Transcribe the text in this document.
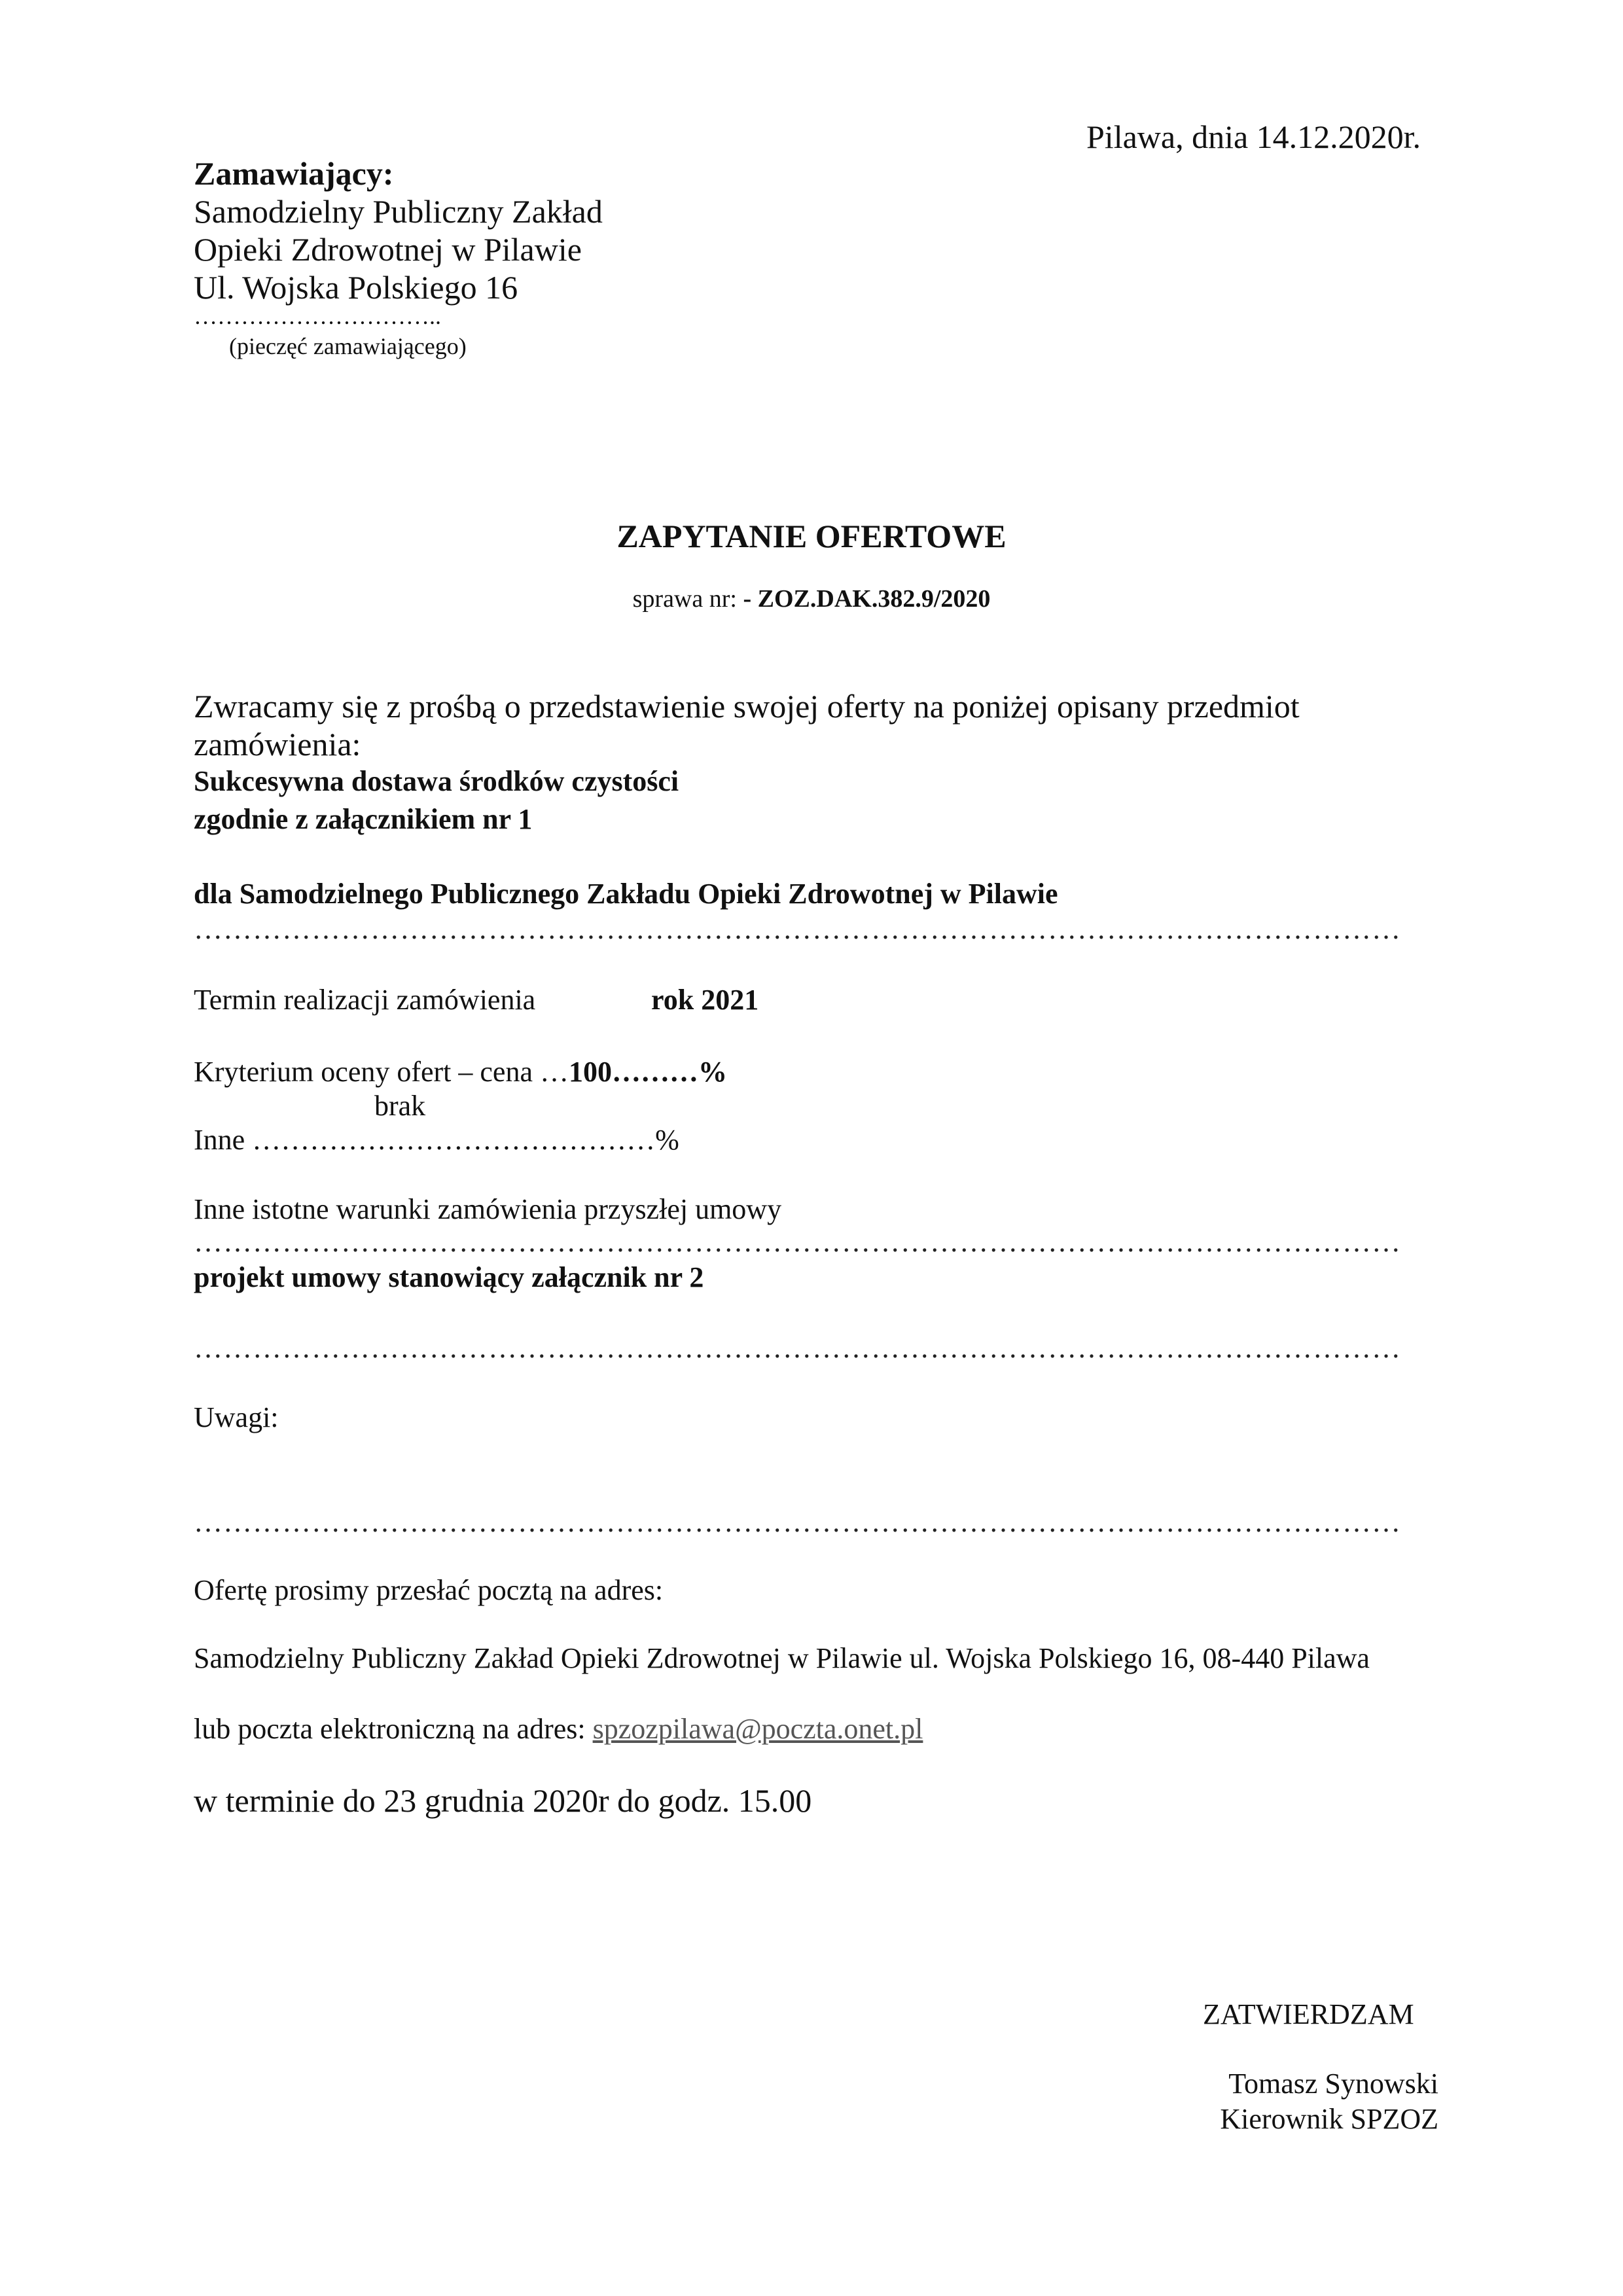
Pilawa, dnia 14.12.2020r.
Zamawiający:
Samodzielny Publiczny Zakład
Opieki Zdrowotnej w Pilawie
Ul. Wojska Polskiego 16
…………………………..
(pieczęć zamawiającego)
ZAPYTANIE OFERTOWE
sprawa nr: - ZOZ.DAK.382.9/2020
Zwracamy się z prośbą o przedstawienie swojej oferty na poniżej opisany przedmiot
zamówienia:
Sukcesywna dostawa środków czystości
zgodnie z załącznikiem nr 1
dla Samodzielnego Publicznego Zakładu Opieki Zdrowotnej w Pilawie
……………………………………………………………………………………………………………
Termin realizacji zamówienia	rok 2021
Kryterium oceny ofert – cena …100………%
brak
Inne ……………………………………%
Inne istotne warunki zamówienia przyszłej umowy
……………………………………………………………………………………………………………
projekt umowy stanowiący załącznik nr 2
……………………………………………………………………………………………………………
Uwagi:
……………………………………………………………………………………………………………
Ofertę prosimy przesłać pocztą na adres:
Samodzielny Publiczny Zakład Opieki Zdrowotnej w Pilawie ul. Wojska Polskiego 16, 08-440 Pilawa
lub poczta elektroniczną na adres: spzozpilawa@poczta.onet.pl
w terminie do 23 grudnia 2020r do godz. 15.00
ZATWIERDZAM
Tomasz Synowski
Kierownik SPZOZ
